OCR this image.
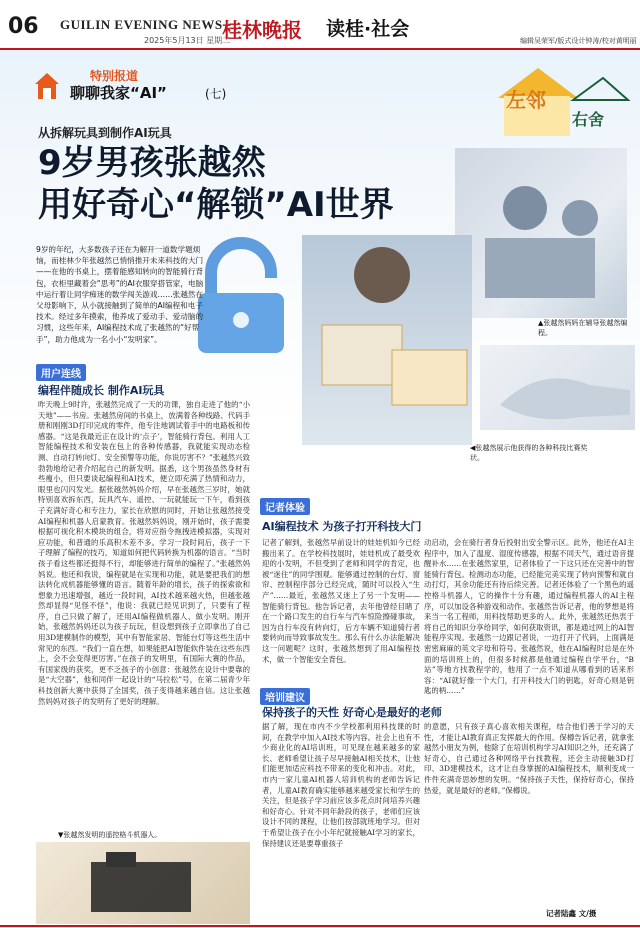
06 GUILIN EVENING NEWS
2025年5月13日 星期二
桂林晚报 读桂·社会
编辑吴荣军/版式设计钟涛/校对黄明丽
特别报道
聊聊我家“AI”	(七)	左邻
右舍
从拆解玩具到制作AI玩具
9岁男孩张越然
用好奇心“解锁”AI世界
▲张越然妈妈在辅导张越然编程。
◀张越然展示他获得的各种科技比赛奖状。
9岁的年纪，大多数孩子还在为解开一道数学题烦恼，而桂林少年张越然已悄悄推开未来科技的大门——在他的书桌上，摆着能感知转向的智能骑行背包，衣柜里藏着会“思考”的AI衣服穿搭管家，电脑中运行着让同学痴迷的数学闯关游戏……张越然在父母影响下，从小就接触到了简单的AI编程和电子技术。经过多年摸索，他养成了爱动手、爱动脑的习惯，这些年来，AI编程技术成了张越然的“好帮手”，助力他成为一名小小“发明家”。
用户连线
编程伴随成长 制作AI玩具
昨天晚上9时许，张越然完成了一天的功课，独自走进了他的“小天地”——书房。张越然房间的书桌上，放满着各种线路、代码手册和刚刚3D打印完成的零件，他专注地调试着手中的电路板和传感器。“这是我最近正在设计的‘点子’，智能骑行背包。利用人工智能编程技术和安装在包上的各种传感器，我就能实现动态检测、自动打转向灯、安全预警等功能，你说厉害不？”张越然兴致勃勃地给记者介绍起自己的新发明。据悉，这个男孩虽然身材有些瘦小，但只要谈起编程和AI技术，便立即充满了热情和动力，眼里也闪闪发光。据张越然妈妈介绍，早在张越然三岁时，她就特别喜欢拆东西，玩具汽车、遥控、一玩就能玩一下午，看到孩子充满好奇心和专注力，家长在欣慰的同时，开始让张越然接受AI编程和机器人启蒙教育。张越然妈妈说，刚开始时，孩子需要根据可视化积木模块的组合，将对应指令拖拽进模拟器，实现对应功能，和普通的乐高积木差不多。学习一段时间后，孩子一下子理解了编程的技巧，知道如何把代码转换为机器的语言。“当时孩子看这些都还挺得不行，却能够进行简单的编程了。”张越然妈妈说。他还和我说，编程就是在实现和功能，就是要把我们的想法转化成机器能够懂的语言。随着年龄的增长，孩子的探索欲和想象力迅速增强，越近一段时间，AI技术越来越火热，但越张越然却显得“见怪不怪”，他说：我就已经见识到了，只要有了程序，自己只做了解了，还用AI编程做机器人、做小发明。刚开始，张越然妈妈还以为孩子玩玩，但设想到孩子立即拿出了自己用3D建模制作的模型，其中有智能家居、智能台灯等这些生活中常见的东西。“我们一直在想，如果能把AI智能软件装在这些东西上，会不会变得更厉害。”在孩子的发明里，有国际大赛的作品，有国家级的获奖，更不乏孩子的小创意：张越然在设计中要靠的是“大空器”，他和同伴一起设计的“马拉松”号，在第二届青少年科技创新大赛中获得了全国奖，孩子变得越来越自信。这让张越然妈妈对孩子的发明有了更好的理解。
▼张越然发明的遥控格斗机器人。
记者体验
AI编程技术 为孩子打开科技大门
记者了解到，张越然早前设计的娃娃机如今已经搬出来了。在学校科技展时，娃娃机成了最受欢迎的小发明，不但受到了老师和同学的肯定，也被“迷住”的同学围观。能够通过控制的台灯、窗帘、控制程序部分已经完成，随时可以投入“生产”……最近，张越然又迷上了另一个发明——智能骑行背包。他告诉记者，去年他曾经目睹了在一个路口发生的自行车与汽车惊险擦碰事故，因为自行车没有转向灯，后方车辆不知道骑行者要转向而导致事故发生。那么有什么办法能解决这一问题呢？这时，张越然想到了用AI编程技术，做一个智能安全背包。
动启动，会在骑行者身后投射出安全警示区。此外，他还在AI主程序中，加入了温度、湿度传感器，根据不同天气，通过语音提醒补水……在张越然家里，记者体验了一下这只还在完善中的智能骑行背包。检测动态功能，已经能完美实现了转向预警和就自动打灯，其余功能还有待后续完善。记者还体验了一个黑色的遥控格斗机器人，它的操作十分有趣，通过编程机器人的AI主程序，可以加设各种游戏和动作。张越然告诉记者，他的梦想是将来当一名工程师，用科技帮助更多的人。此外，张越然还热衷于将自己的知识分享给同学，如何获取资讯，都是通过网上的AI智能程序实现。张越然一边跟记者说，一边打开了代码，上面满是密密麻麻的英文字母和符号。张越然说，他在AI编程时总是在外面的培训班上的，但很多时候都是他通过编程自学平台，“B站”等地方找教程学的，他用了一点不知道从哪看到的话来形容：“AI就好像一个大门，打开科技大门的钥匙，好奇心则是钥匙的柄……”
培训建议
保持孩子的天性 好奇心是最好的老师
据了解，现在市内不少学校都利用科技课的时间，在教学中加入AI技术等内容。社会上也有不少商业化的AI培训班，可见现在越来越多的家长、老师希望让孩子尽早接触AI相关技术，让他们能更加适应科技不带来的变化和冲击。对此，市内一家儿童AI机器人培训机构的老师告诉记者，儿童AI教育确实能够越来越受家长和学生的关注，但是孩子学习前应该多花点时间培养兴趣和好奇心。针对不同年龄段的孩子，老师们应该设计不同的课程，让他们按部就班地学习。但对于希望让孩子在小小年纪就接触AI学习的家长，保持建议还是要尊重孩子
的意愿，只有孩子真心喜欢相关课程，结合他们善于学习的天性，才能让AI教育真正发挥最大的作用。保樽告诉记者，就拿张越然小朋友为例，他除了在培训机构学习AI知识之外，还充满了好奇心，自己通过各种网络平台找教程，还会主动接触3D打印、3D建模技术，这才让自身掌握的AI编程技术，顺利变成一件件充满奇思妙想的发明。“保持孩子天性，保持好奇心，保持热爱，就是最好的老师。”保樽说。
记者陆鑫 文/摄
